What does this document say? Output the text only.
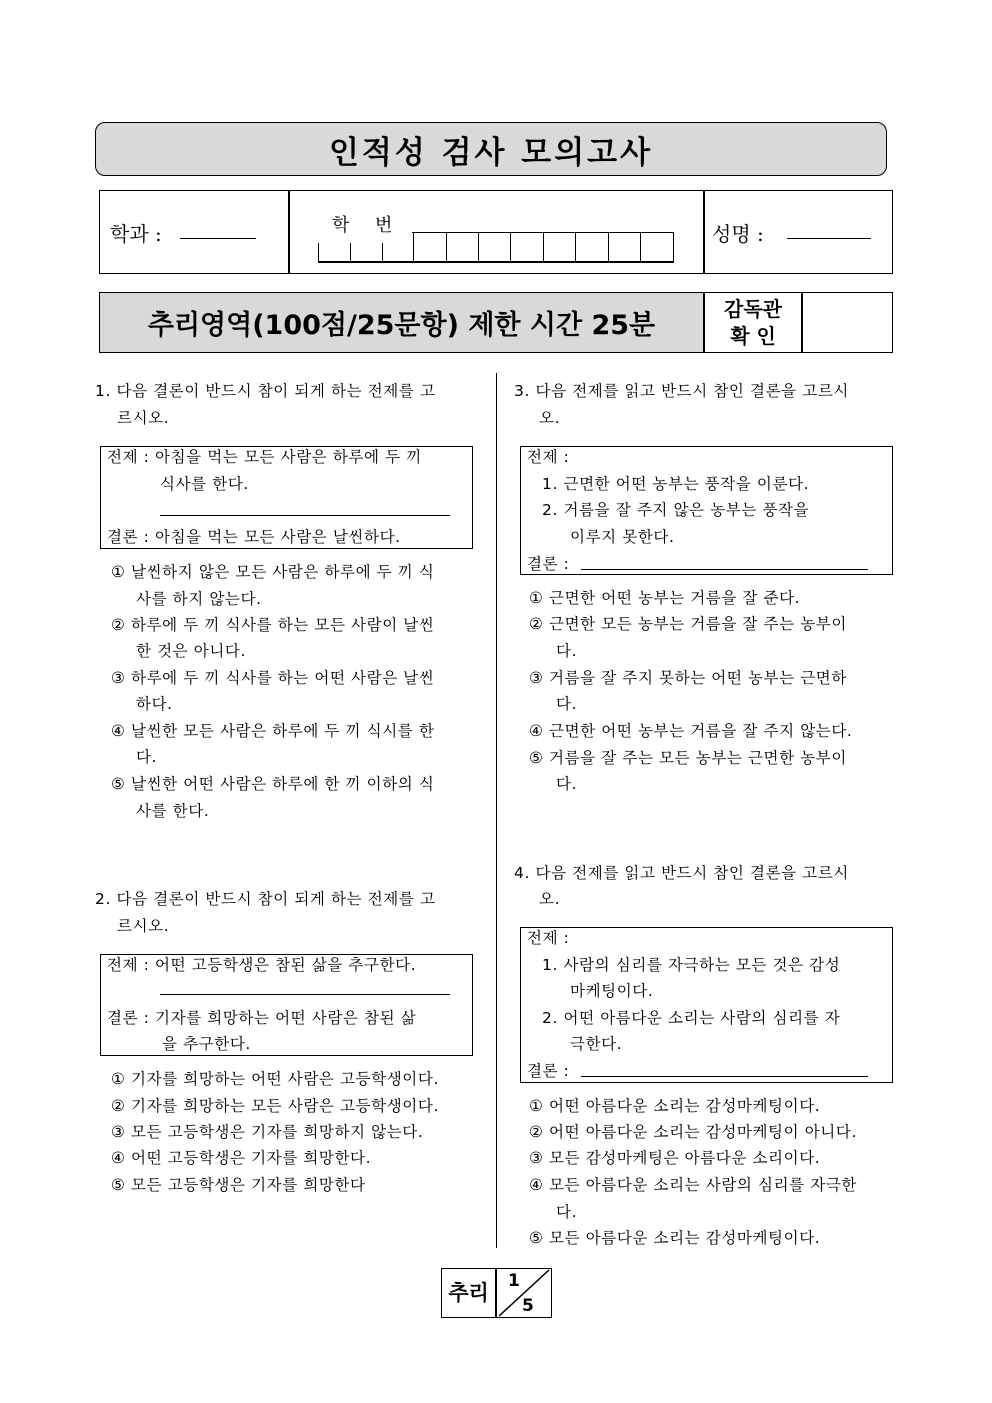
인적성 검사 모의고사
학과 :	학 번	성명 :
추리영역(100점/25문항) 제한 시간 25분
감독관
확 인
1. 다음 결론이 반드시 참이 되게 하는 전제를 고
르시오.
전제 : 아침을 먹는 모든 사람은 하루에 두 끼
식사를 한다.
결론 : 아침을 먹는 모든 사람은 날씬하다.
① 날씬하지 않은 모든 사람은 하루에 두 끼 식
사를 하지 않는다.
② 하루에 두 끼 식사를 하는 모든 사람이 날씬
한 것은 아니다.
③ 하루에 두 끼 식사를 하는 어떤 사람은 날씬
하다.
④ 날씬한 모든 사람은 하루에 두 끼 식시를 한
다.
⑤ 날씬한 어떤 사람은 하루에 한 끼 이하의 식
사를 한다.
2. 다음 결론이 반드시 참이 되게 하는 전제를 고
르시오.
전제 : 어떤 고등학생은 참된 삶을 추구한다.
결론 : 기자를 희망하는 어떤 사람은 참된 삶
을 추구한다.
① 기자를 희망하는 어떤 사람은 고등학생이다.
② 기자를 희망하는 모든 사람은 고등학생이다.
③ 모든 고등학생은 기자를 희망하지 않는다.
④ 어떤 고등학생은 기자를 희망한다.
⑤ 모든 고등학생은 기자를 희망한다
3. 다음 전제를 읽고 반드시 참인 결론을 고르시
오.
전제 :
1. 근면한 어떤 농부는 풍작을 이룬다.
2. 거름을 잘 주지 않은 농부는 풍작을
이루지 못한다.
결론 :
① 근면한 어떤 농부는 거름을 잘 준다.
② 근면한 모든 농부는 거름을 잘 주는 농부이
다.
③ 거름을 잘 주지 못하는 어떤 농부는 근면하
다.
④ 근면한 어떤 농부는 거름을 잘 주지 않는다.
⑤ 거름을 잘 주는 모든 농부는 근면한 농부이
다.
4. 다음 전제를 읽고 반드시 참인 결론을 고르시
오.
전제 :
1. 사람의 심리를 자극하는 모든 것은 감성
마케팅이다.
2. 어떤 아름다운 소리는 사람의 심리를 자
극한다.
결론 :
① 어떤 아름다운 소리는 감성마케팅이다.
② 어떤 아름다운 소리는 감성마케팅이 아니다.
③ 모든 감성마케팅은 아름다운 소리이다.
④ 모든 아름다운 소리는 사람의 심리를 자극한
다.
⑤ 모든 아름다운 소리는 감성마케팅이다.
추리	1
5
